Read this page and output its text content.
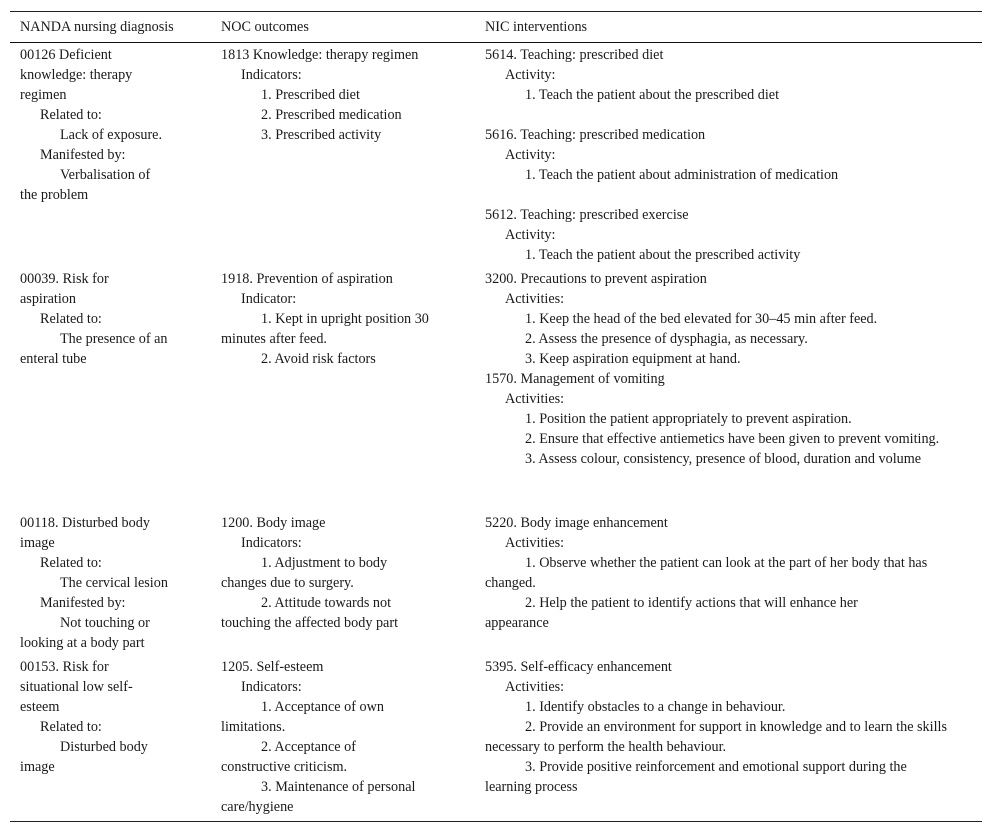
NANDA nursing diagnosis	NOC outcomes	NIC interventions
00126 Deficient knowledge: therapy regimen
Related to:
Lack of exposure.
Manifested by:
Verbalisation of the problem
1813 Knowledge: therapy regimen
Indicators:
1. Prescribed diet
2. Prescribed medication
3. Prescribed activity
5614. Teaching: prescribed diet
Activity:
1. Teach the patient about the prescribed diet
5616. Teaching: prescribed medication
Activity:
1. Teach the patient about administration of medication
5612. Teaching: prescribed exercise
Activity:
1. Teach the patient about the prescribed activity
00039. Risk for aspiration
Related to:
The presence of an enteral tube
1918. Prevention of aspiration
Indicator:
1. Kept in upright position 30 minutes after feed.
2. Avoid risk factors
3200. Precautions to prevent aspiration
Activities:
1. Keep the head of the bed elevated for 30–45 min after feed.
2. Assess the presence of dysphagia, as necessary.
3. Keep aspiration equipment at hand.
1570. Management of vomiting
Activities:
1. Position the patient appropriately to prevent aspiration.
2. Ensure that effective antiemetics have been given to prevent vomiting.
3. Assess colour, consistency, presence of blood, duration and volume
00118. Disturbed body image
Related to:
The cervical lesion
Manifested by:
Not touching or looking at a body part
1200. Body image
Indicators:
1. Adjustment to body changes due to surgery.
2. Attitude towards not touching the affected body part
5220. Body image enhancement
Activities:
1. Observe whether the patient can look at the part of her body that has changed.
2. Help the patient to identify actions that will enhance her appearance
00153. Risk for situational low self-esteem
Related to:
Disturbed body image
1205. Self-esteem
Indicators:
1. Acceptance of own limitations.
2. Acceptance of constructive criticism.
3. Maintenance of personal care/hygiene
5395. Self-efficacy enhancement
Activities:
1. Identify obstacles to a change in behaviour.
2. Provide an environment for support in knowledge and to learn the skills necessary to perform the health behaviour.
3. Provide positive reinforcement and emotional support during the learning process
